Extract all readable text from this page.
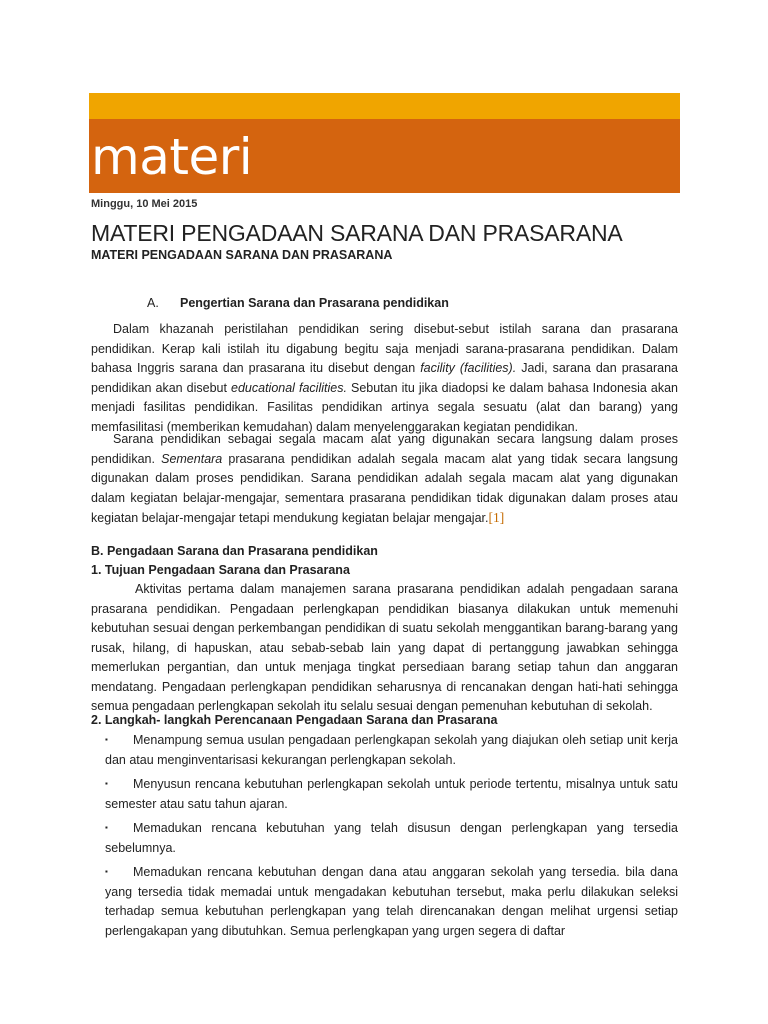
materi
Minggu, 10 Mei 2015
MATERI PENGADAAN SARANA DAN PRASARANA
MATERI PENGADAAN SARANA DAN PRASARANA
A. Pengertian Sarana dan Prasarana pendidikan

Dalam khazanah peristilahan pendidikan sering disebut-sebut istilah sarana dan prasarana pendidikan. Kerap kali istilah itu digabung begitu saja menjadi sarana-prasarana pendidikan. Dalam bahasa Inggris sarana dan prasarana itu disebut dengan facility (facilities). Jadi, sarana dan prasarana pendidikan akan disebut educational facilities. Sebutan itu jika diadopsi ke dalam bahasa Indonesia akan menjadi fasilitas pendidikan. Fasilitas pendidikan artinya segala sesuatu (alat dan barang) yang memfasilitasi (memberikan kemudahan) dalam menyelenggarakan kegiatan pendidikan.

Sarana pendidikan sebagai segala macam alat yang digunakan secara langsung dalam proses pendidikan. Sementara prasarana pendidikan adalah segala macam alat yang tidak secara langsung digunakan dalam proses pendidikan. Sarana pendidikan adalah segala macam alat yang digunakan dalam kegiatan belajar-mengajar, sementara prasarana pendidikan tidak digunakan dalam proses atau kegiatan belajar-mengajar tetapi mendukung kegiatan belajar mengajar.[1]

B. Pengadaan Sarana dan Prasarana pendidikan
1. Tujuan Pengadaan Sarana dan Prasarana

Aktivitas pertama dalam manajemen sarana prasarana pendidikan adalah pengadaan sarana prasarana pendidikan. Pengadaan perlengkapan pendidikan biasanya dilakukan untuk memenuhi kebutuhan sesuai dengan perkembangan pendidikan di suatu sekolah menggantikan barang-barang yang rusak, hilang, di hapuskan, atau sebab-sebab lain yang dapat di pertanggung jawabkan sehingga memerlukan pergantian, dan untuk menjaga tingkat persediaan barang setiap tahun dan anggaran mendatang. Pengadaan perlengkapan pendidikan seharusnya di rencanakan dengan hati-hati sehingga semua pengadaan perlengkapan sekolah itu selalu sesuai dengan pemenuhan kebutuhan di sekolah.

2. Langkah- langkah Perencanaan Pengadaan Sarana dan Prasarana
▪ Menampung semua usulan pengadaan perlengkapan sekolah yang diajukan oleh setiap unit kerja dan atau menginventarisasi kekurangan perlengkapan sekolah.
▪ Menyusun rencana kebutuhan perlengkapan sekolah untuk periode tertentu, misalnya untuk satu semester atau satu tahun ajaran.
▪ Memadukan rencana kebutuhan yang telah disusun dengan perlengkapan yang tersedia sebelumnya.
▪ Memadukan rencana kebutuhan dengan dana atau anggaran sekolah yang tersedia. bila dana yang tersedia tidak memadai untuk mengadakan kebutuhan tersebut, maka perlu dilakukan seleksi terhadap semua kebutuhan perlengkapan yang telah direncanakan dengan melihat urgensi setiap perlengakapan yang dibutuhkan. Semua perlengkapan yang urgen segera di daftar
